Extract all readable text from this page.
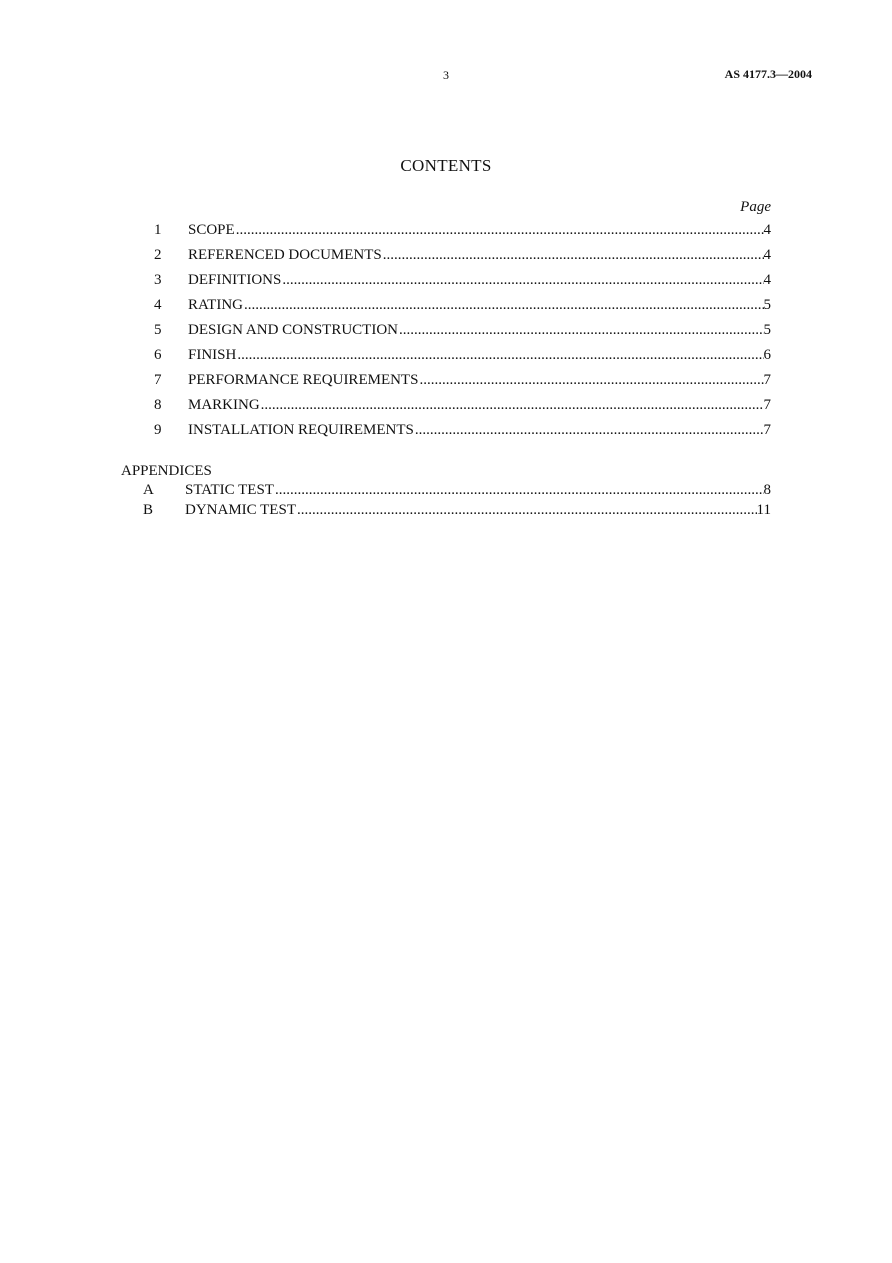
3	AS 4177.3—2004
CONTENTS
Page
1	SCOPE .....	4
2	REFERENCED DOCUMENTS .....	4
3	DEFINITIONS .....	4
4	RATING .....	5
5	DESIGN AND CONSTRUCTION .....	5
6	FINISH .....	6
7	PERFORMANCE REQUIREMENTS .....	7
8	MARKING .....	7
9	INSTALLATION REQUIREMENTS .....	7
APPENDICES
A	STATIC TEST .....	8
B	DYNAMIC TEST .....	11
